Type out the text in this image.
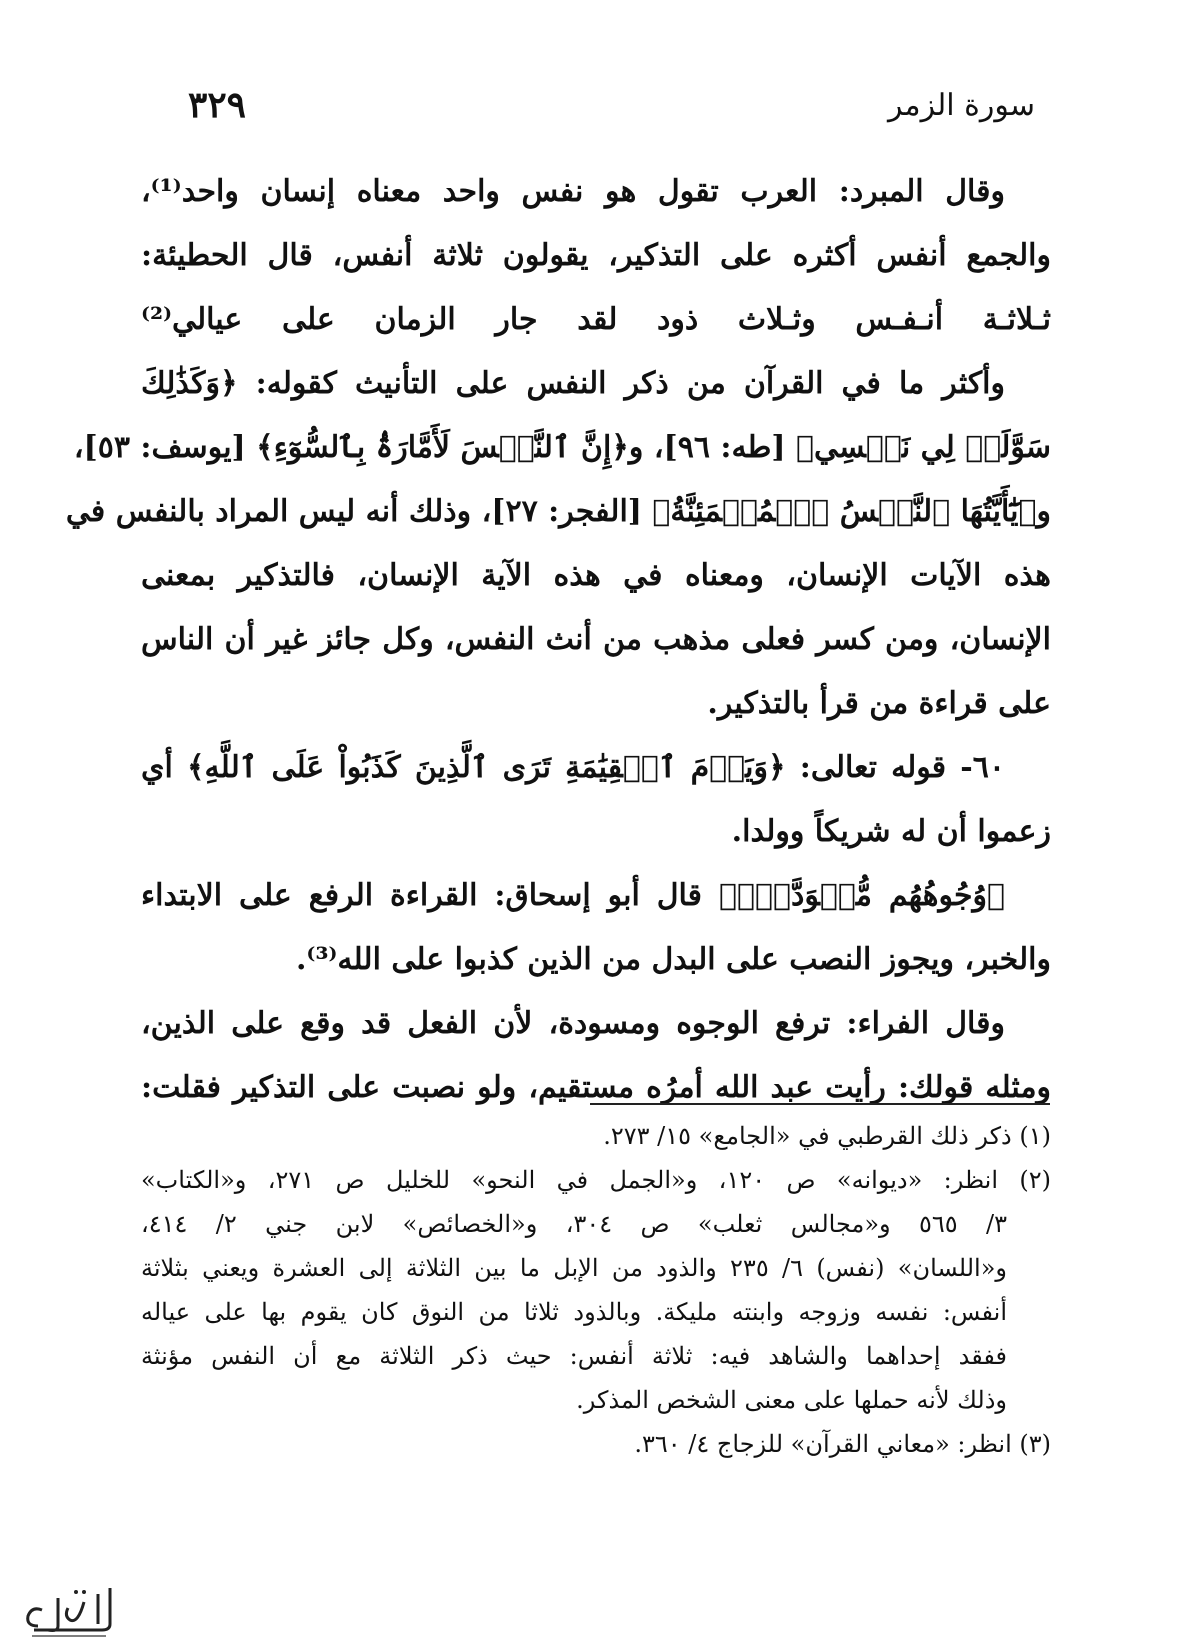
سورة الزمر
٣٢٩
وقال المبرد: العرب تقول هو نفس واحد معناه إنسان واحد⁽¹⁾،
والجمع أنفس أكثره على التذكير، يقولون ثلاثة أنفس، قال الحطيئة:
ثـلاثـة أنـفـس وثـلاث ذود لقد جار الزمان على عيالي⁽²⁾
وأكثر ما في القرآن من ذكر النفس على التأنيث كقوله: ﴿وَكَذَٰلِكَ
سَوَّلَتۡ لِي نَفۡسِي﴾ [طه: ٩٦]، و﴿إِنَّ ٱلنَّفۡسَ لَأَمَّارَةُۢ بِٱلسُّوٓءِ﴾ [يوسف: ٥٣]،
و﴿يَٰٓأَيَّتُهَا ٱلنَّفۡسُ ٱلۡمُطۡمَئِنَّةُ﴾ [الفجر: ٢٧]، وذلك أنه ليس المراد بالنفس في
هذه الآيات الإنسان، ومعناه في هذه الآية الإنسان، فالتذكير بمعنى
الإنسان، ومن كسر فعلى مذهب من أنث النفس، وكل جائز غير أن الناس
على قراءة من قرأ بالتذكير.
٦٠- قوله تعالى: ﴿وَيَوۡمَ ٱلۡقِيَٰمَةِ تَرَى ٱلَّذِينَ كَذَبُواْ عَلَى ٱللَّهِ﴾ أي
زعموا أن له شريكاً وولدا.
﴿وُجُوهُهُم مُّسۡوَدَّةٌۚ﴾ قال أبو إسحاق: القراءة الرفع على الابتداء
والخبر، ويجوز النصب على البدل من الذين كذبوا على الله⁽³⁾.
وقال الفراء: ترفع الوجوه ومسودة، لأن الفعل قد وقع على الذين،
ومثله قولك: رأيت عبد الله أمرُه مستقيم، ولو نصبت على التذكير فقلت:
(١) ذكر ذلك القرطبي في «الجامع» ١٥/ ٢٧٣.
(٢) انظر: «ديوانه» ص ١٢٠، و«الجمل في النحو» للخليل ص ٢٧١، و«الكتاب»
٣/ ٥٦٥ و«مجالس ثعلب» ص ٣٠٤، و«الخصائص» لابن جني ٢/ ٤١٤،
و«اللسان» (نفس) ٦/ ٢٣٥ والذود من الإبل ما بين الثلاثة إلى العشرة ويعني بثلاثة
أنفس: نفسه وزوجه وابنته مليكة. وبالذود ثلاثا من النوق كان يقوم بها على عياله
ففقد إحداهما والشاهد فيه: ثلاثة أنفس: حيث ذكر الثلاثة مع أن النفس مؤنثة
وذلك لأنه حملها على معنى الشخص المذكر.
(٣) انظر: «معاني القرآن» للزجاج ٤/ ٣٦٠.
